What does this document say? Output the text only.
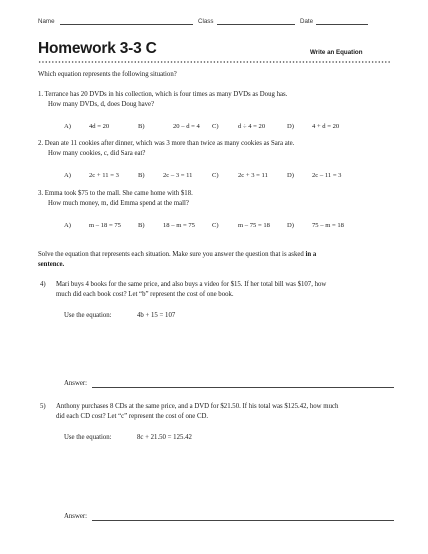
Name	Class	Date
Homework 3-3 C	Write an Equation
Which equation represents the following situation?
1. Terrance has 20 DVDs in his collection, which is four times as many DVDs as Doug has.
How many DVDs, d, does Doug have?
A)	4d = 20	B)	20 – d = 4 C)	d ÷ 4 = 20	D)	4 + d = 20
2. Dean ate 11 cookies after dinner, which was 3 more than twice as many cookies as Sara ate.
How many cookies, c, did Sara eat?
A)	2c + 11 = 3	B)	2c – 3 = 11	C)	2c + 3 = 11	D)	2c – 11 = 3
3. Emma took $75 to the mall. She came home with $18.
How much money, m, did Emma spend at the mall?
A)	m – 18 = 75	B)	18 – m = 75	C)	m – 75 = 18	D)	75 – m = 18
Solve the equation that represents each situation. Make sure you answer the question that is asked in a
sentence.
4) Mari buys 4 books for the same price, and also buys a video for $15. If her total bill was $107, how
much did each book cost? Let “b” represent the cost of one book.
Use the equation:	4b + 15 = 107
Answer:
5) Anthony purchases 8 CDs at the same price, and a DVD for $21.50. If his total was $125.42, how much
did each CD cost? Let “c” represent the cost of one CD.
Use the equation:	8c + 21.50 = 125.42
Answer:
